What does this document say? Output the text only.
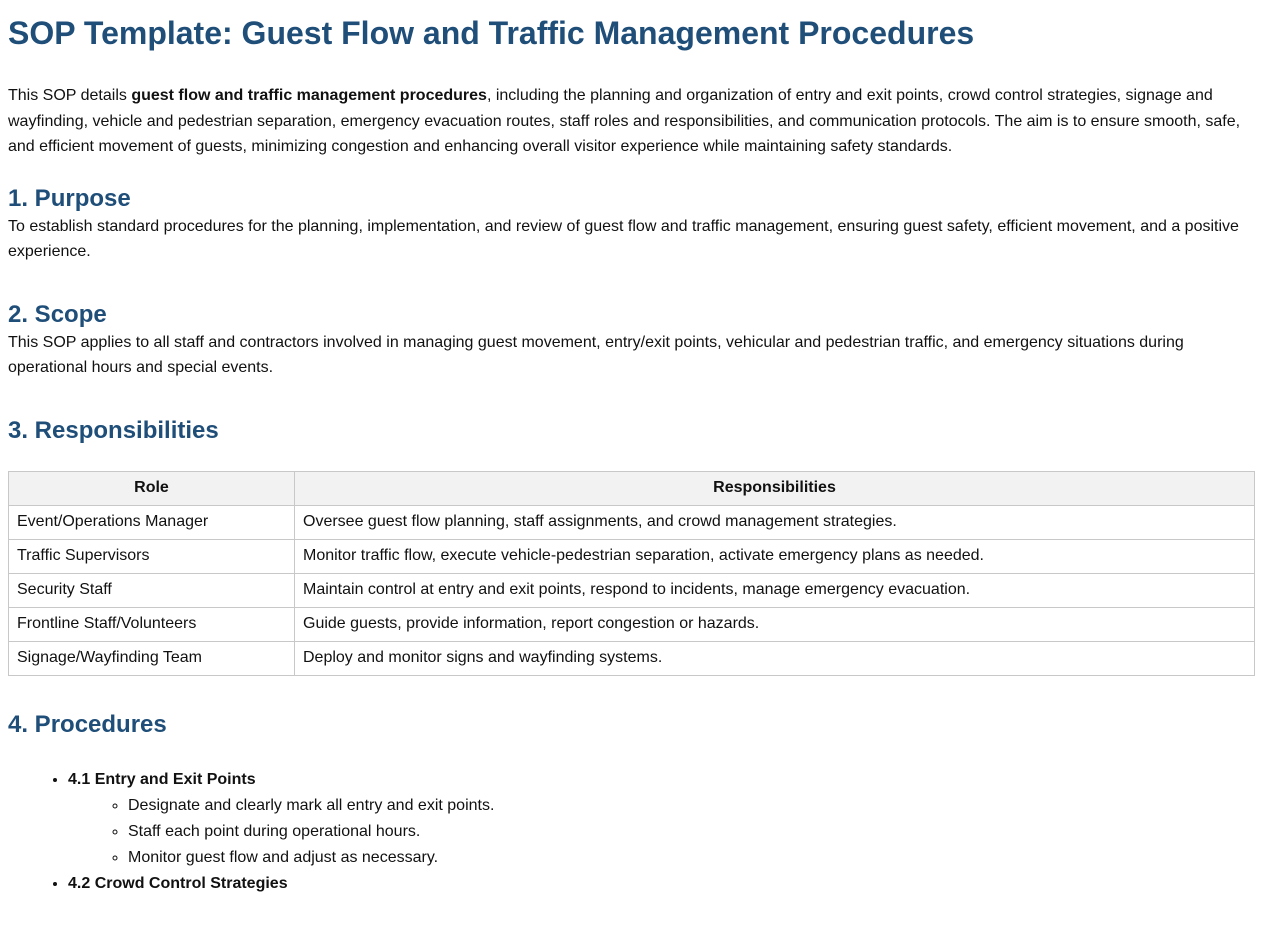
SOP Template: Guest Flow and Traffic Management Procedures

This SOP details guest flow and traffic management procedures, including the planning and organization of entry and exit points, crowd control strategies, signage and wayfinding, vehicle and pedestrian separation, emergency evacuation routes, staff roles and responsibilities, and communication protocols. The aim is to ensure smooth, safe, and efficient movement of guests, minimizing congestion and enhancing overall visitor experience while maintaining safety standards.

1. Purpose

To establish standard procedures for the planning, implementation, and review of guest flow and traffic management, ensuring guest safety, efficient movement, and a positive experience.

2. Scope

This SOP applies to all staff and contractors involved in managing guest movement, entry/exit points, vehicular and pedestrian traffic, and emergency situations during operational hours and special events.

3. Responsibilities
Role	Responsibilities
Event/Operations Manager	Oversee guest flow planning, staff assignments, and crowd management strategies.
Traffic Supervisors	Monitor traffic flow, execute vehicle-pedestrian separation, activate emergency plans as needed.
Security Staff	Maintain control at entry and exit points, respond to incidents, manage emergency evacuation.
Frontline Staff/Volunteers	Guide guests, provide information, report congestion or hazards.
Signage/Wayfinding Team	Deploy and monitor signs and wayfinding systems.
4. Procedures
• 4.1 Entry and Exit Points
◦ Designate and clearly mark all entry and exit points.
◦ Staff each point during operational hours.
◦ Monitor guest flow and adjust as necessary.
• 4.2 Crowd Control Strategies
